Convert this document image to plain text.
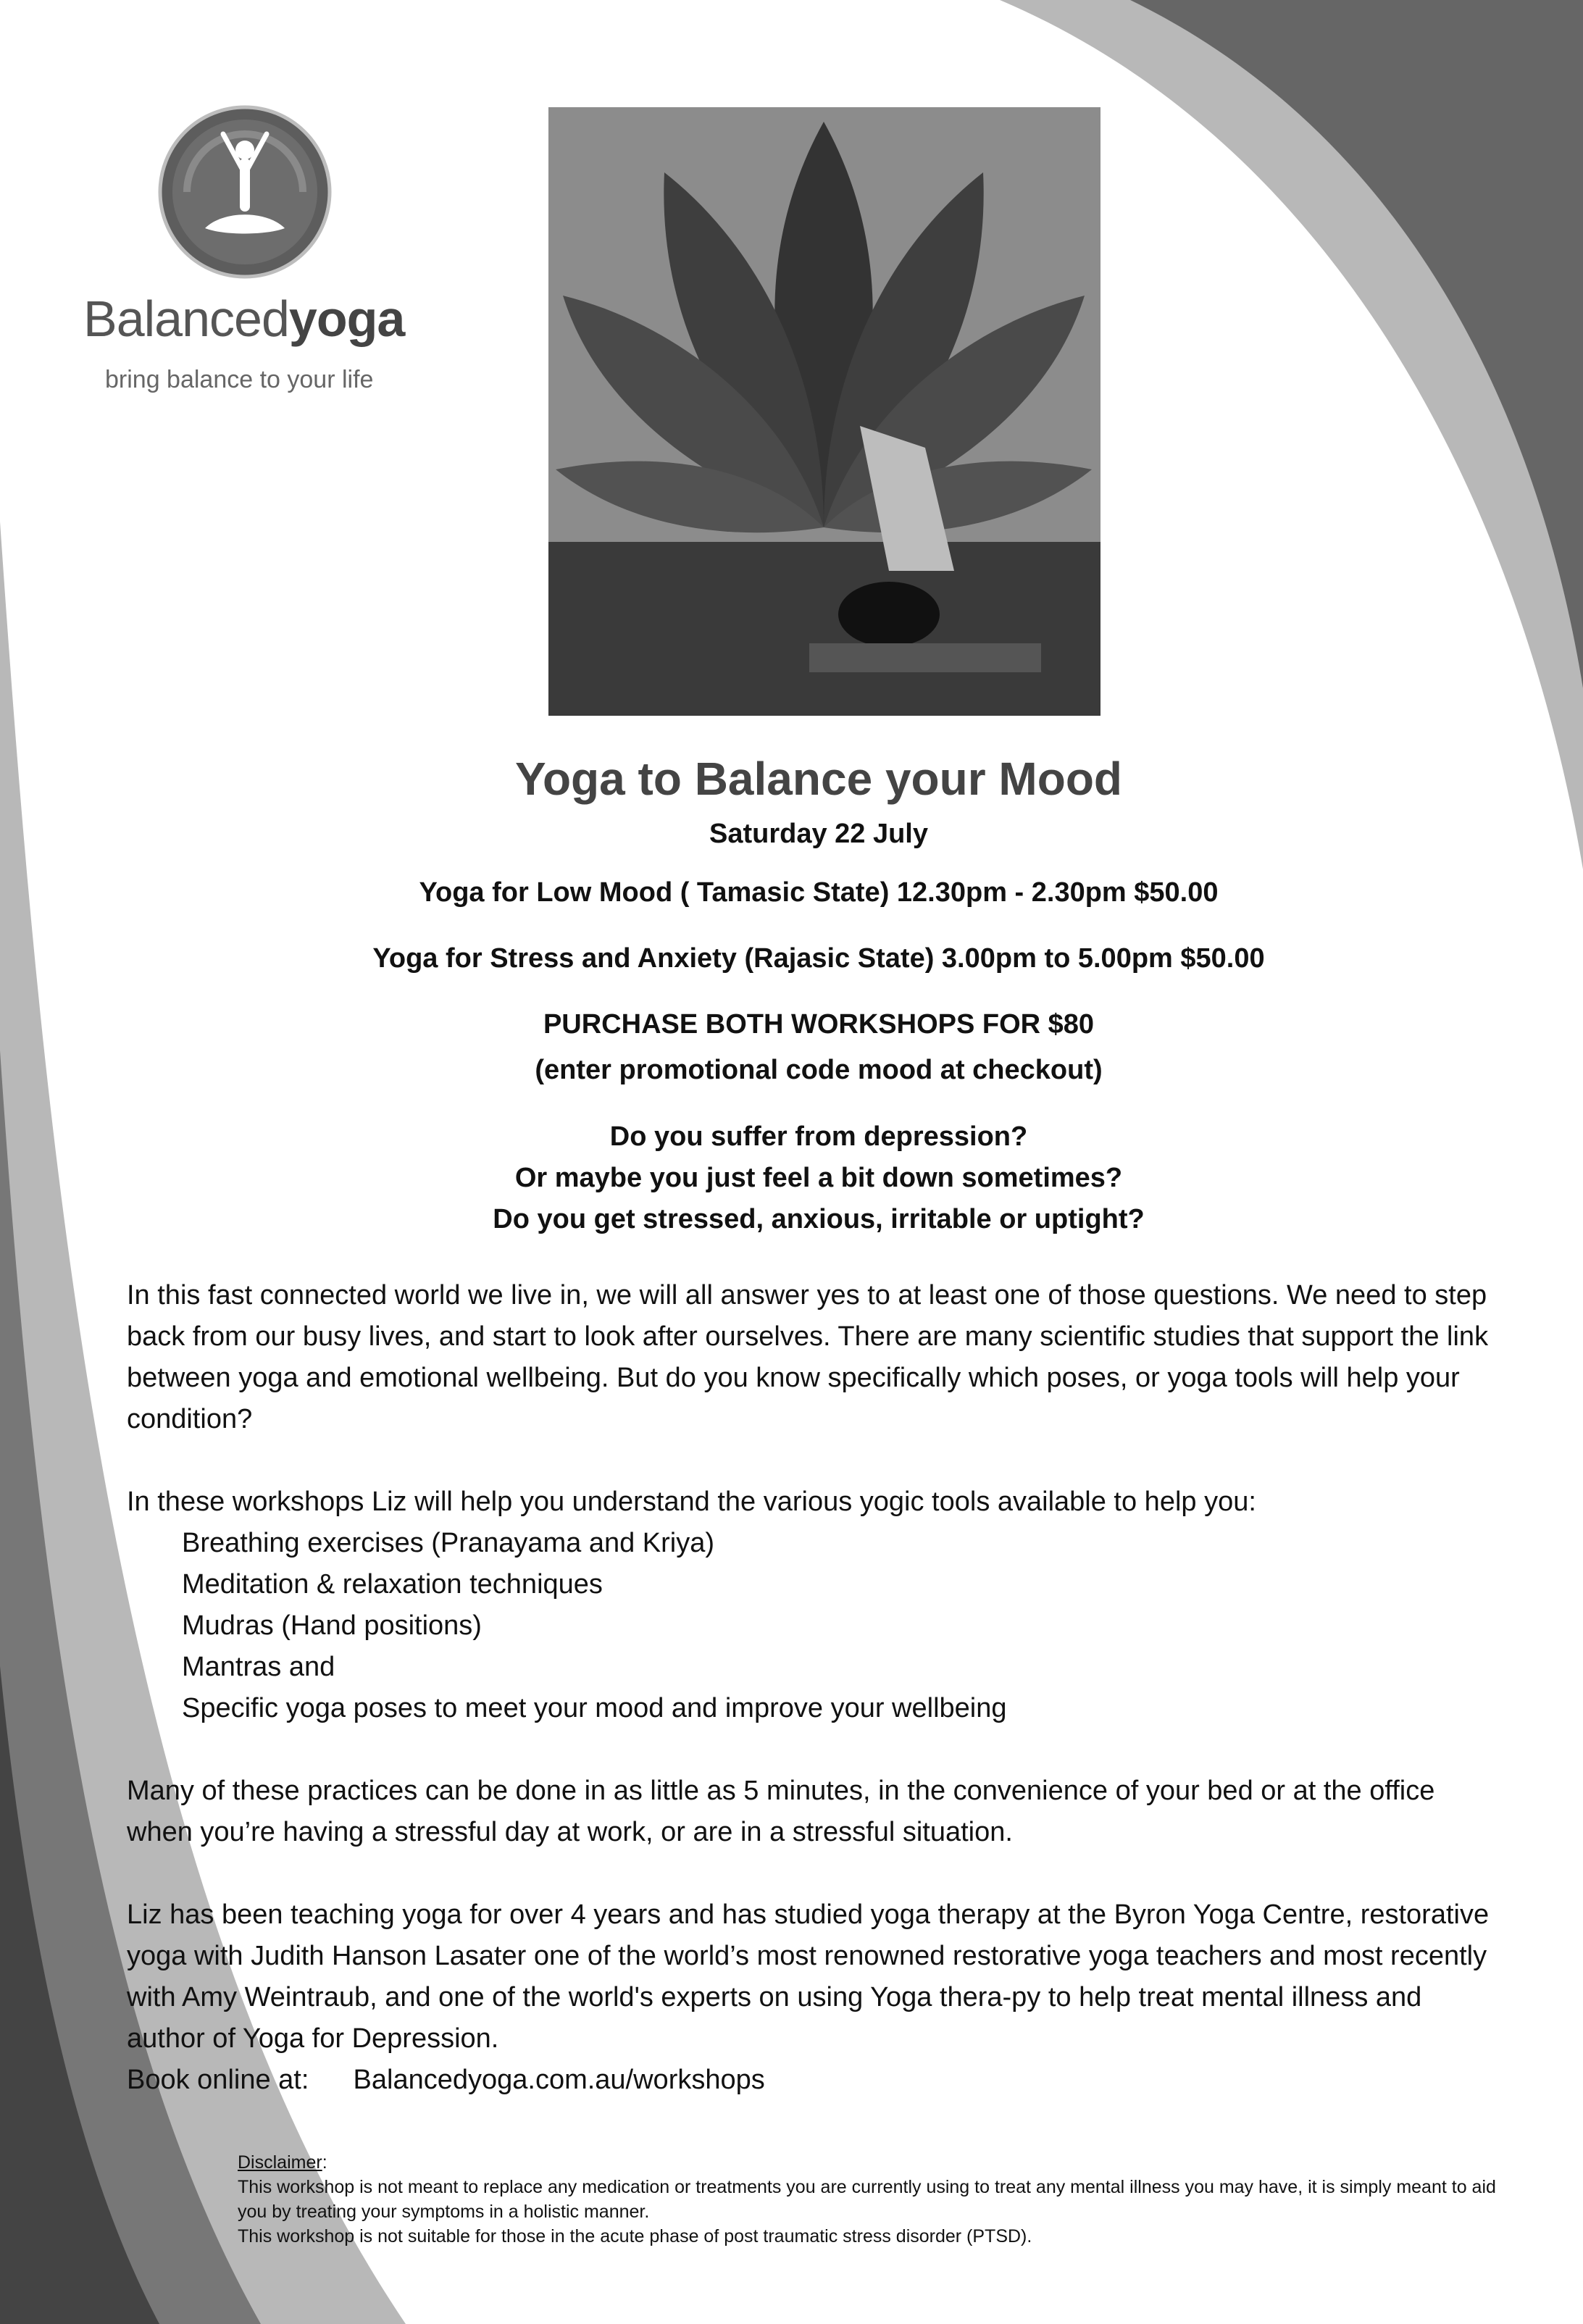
Balancedyoga
bring balance to your life

Yoga to Balance your Mood

Saturday 22 July

Yoga for Low Mood ( Tamasic State) 12.30pm - 2.30pm $50.00

Yoga for Stress and Anxiety (Rajasic State) 3.00pm to 5.00pm $50.00

PURCHASE BOTH WORKSHOPS FOR $80

(enter promotional code mood at checkout)

Do you suffer from depression?

Or maybe you just feel a bit down sometimes?

Do you get stressed, anxious, irritable or uptight?

In this fast connected world we live in, we will all answer yes to at least one of those questions. We need to step back from our busy lives, and start to look after ourselves. There are many scientific studies that support the link between yoga and emotional wellbeing. But do you know specifically which poses, or yoga tools will help your condition?

In these workshops Liz will help you understand the various yogic tools available to help you:

Breathing exercises (Pranayama and Kriya)

Meditation & relaxation techniques

Mudras (Hand positions)

Mantras and

Specific yoga poses to meet your mood and improve your wellbeing

Many of these practices can be done in as little as 5 minutes, in the convenience of your bed or at the office when you’re having a stressful day at work, or are in a stressful situation.

Liz has been teaching yoga for over 4 years and has studied yoga therapy at the Byron Yoga Centre, restorative yoga with Judith Hanson Lasater one of the world’s most renowned restorative yoga teachers and most recently with Amy Weintraub, and one of the world's experts on using Yoga thera-py to help treat mental illness and author of Yoga for Depression.

Book online at: Balancedyoga.com.au/workshops

Disclaimer:
This workshop is not meant to replace any medication or treatments you are currently using to treat any mental illness you may have, it is simply meant to aid you by treating your symptoms in a holistic manner.
This workshop is not suitable for those in the acute phase of post traumatic stress disorder (PTSD).
